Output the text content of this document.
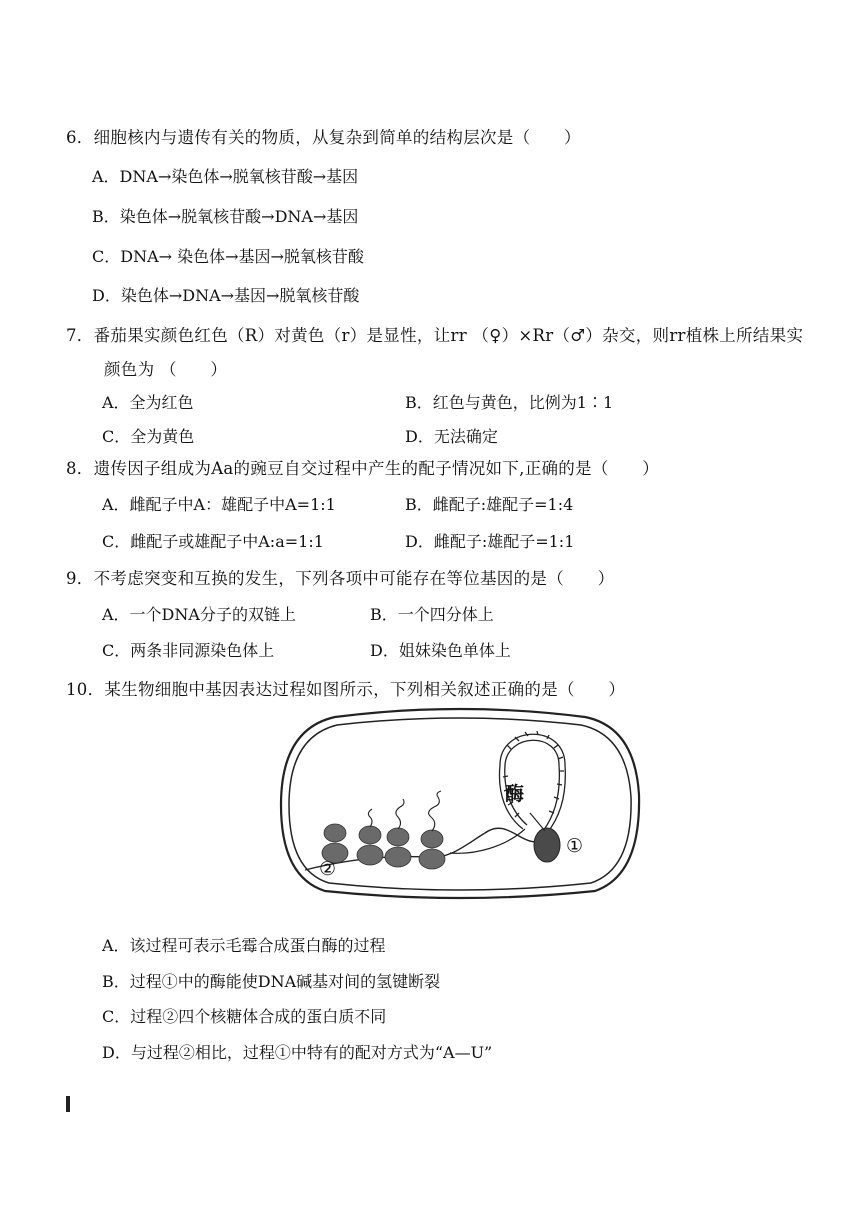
6．细胞核内与遗传有关的物质，从复杂到简单的结构层次是（　　）
A．DNA→染色体→脱氧核苷酸→基因
B．染色体→脱氧核苷酸→DNA→基因
C．DNA→ 染色体→基因→脱氧核苷酸
D．染色体→DNA→基因→脱氧核苷酸
7．番茄果实颜色红色（R）对黄色（r）是显性，让rr （♀）×Rr（♂）杂交，则rr植株上所结果实
颜色为 （　　）
A．全为红色	B．红色与黄色，比例为1∶1
C．全为黄色	D．无法确定
8．遗传因子组成为Aa的豌豆自交过程中产生的配子情况如下,正确的是（　　）
A．雌配子中A：雄配子中A=1:1	B．雌配子:雄配子=1:4
C．雌配子或雄配子中A:a=1:1	D．雌配子:雄配子=1:1
9．不考虑突变和互换的发生，下列各项中可能存在等位基因的是（　　）
A．一个DNA分子的双链上	B．一个四分体上
C．两条非同源染色体上	D．姐妹染色单体上
10．某生物细胞中基因表达过程如图所示，下列相关叙述正确的是（　　）
酶
①
②
A．该过程可表示毛霉合成蛋白酶的过程
B．过程①中的酶能使DNA碱基对间的氢键断裂
C．过程②四个核糖体合成的蛋白质不同
D．与过程②相比，过程①中特有的配对方式为“A—U”
